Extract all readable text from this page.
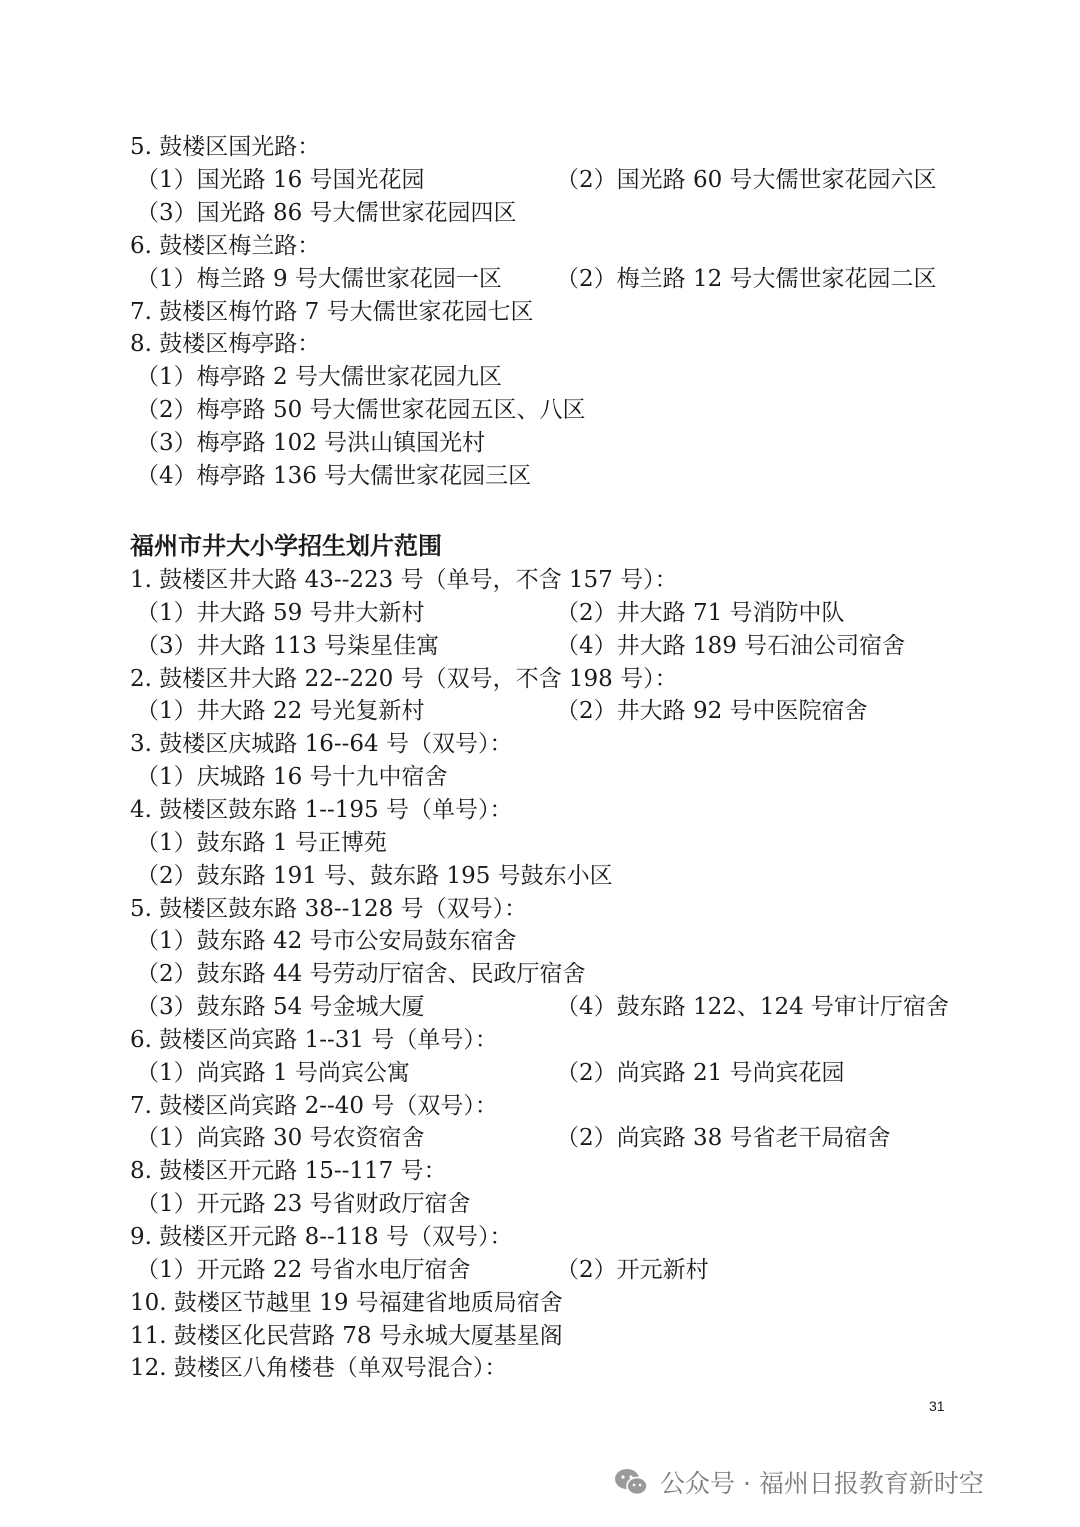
5. 鼓楼区国光路：
（1）国光路 16 号国光花园	（2）国光路 60 号大儒世家花园六区
（3）国光路 86 号大儒世家花园四区
6. 鼓楼区梅兰路：
（1）梅兰路 9 号大儒世家花园一区 （2）梅兰路 12 号大儒世家花园二区
7. 鼓楼区梅竹路 7 号大儒世家花园七区
8. 鼓楼区梅亭路：
（1）梅亭路 2 号大儒世家花园九区
（2）梅亭路 50 号大儒世家花园五区、八区
（3）梅亭路 102 号洪山镇国光村
（4）梅亭路 136 号大儒世家花园三区
福州市井大小学招生划片范围
1. 鼓楼区井大路 43--223 号（单号，不含 157 号）：
（1）井大路 59 号井大新村	（2）井大路 71 号消防中队
（3）井大路 113 号柒星佳寓	（4）井大路 189 号石油公司宿舍
2. 鼓楼区井大路 22--220 号（双号，不含 198 号）：
（1）井大路 22 号光复新村	（2）井大路 92 号中医院宿舍
3. 鼓楼区庆城路 16--64 号（双号）：
（1）庆城路 16 号十九中宿舍
4. 鼓楼区鼓东路 1--195 号（单号）：
（1）鼓东路 1 号正博苑
（2）鼓东路 191 号、鼓东路 195 号鼓东小区
5. 鼓楼区鼓东路 38--128 号（双号）：
（1）鼓东路 42 号市公安局鼓东宿舍
（2）鼓东路 44 号劳动厅宿舍、民政厅宿舍
（3）鼓东路 54 号金城大厦	（4）鼓东路 122、124 号审计厅宿舍
6. 鼓楼区尚宾路 1--31 号（单号）：
（1）尚宾路 1 号尚宾公寓	（2）尚宾路 21 号尚宾花园
7. 鼓楼区尚宾路 2--40 号（双号）：
（1）尚宾路 30 号农资宿舍	（2）尚宾路 38 号省老干局宿舍
8. 鼓楼区开元路 15--117 号：
（1）开元路 23 号省财政厅宿舍
9. 鼓楼区开元路 8--118 号（双号）：
（1）开元路 22 号省水电厅宿舍	（2）开元新村
10. 鼓楼区节越里 19 号福建省地质局宿舍
11. 鼓楼区化民营路 78 号永城大厦基星阁
12. 鼓楼区八角楼巷（单双号混合）：
31
公众号 · 福州日报教育新时空
